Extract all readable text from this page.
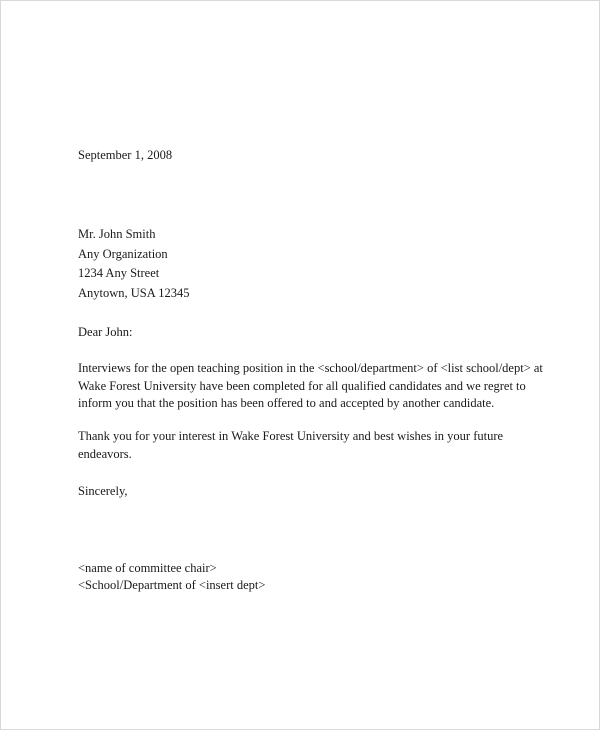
September 1, 2008
Mr. John Smith
Any Organization
1234 Any Street
Anytown, USA 12345
Dear John:
Interviews for the open teaching position in the <school/department> of <list school/dept> at
Wake Forest University have been completed for all qualified candidates and we regret to
inform you that the position has been offered to and accepted by another candidate.
Thank you for your interest in Wake Forest University and best wishes in your future
endeavors.
Sincerely,
<name of committee chair>
<School/Department of <insert dept>
